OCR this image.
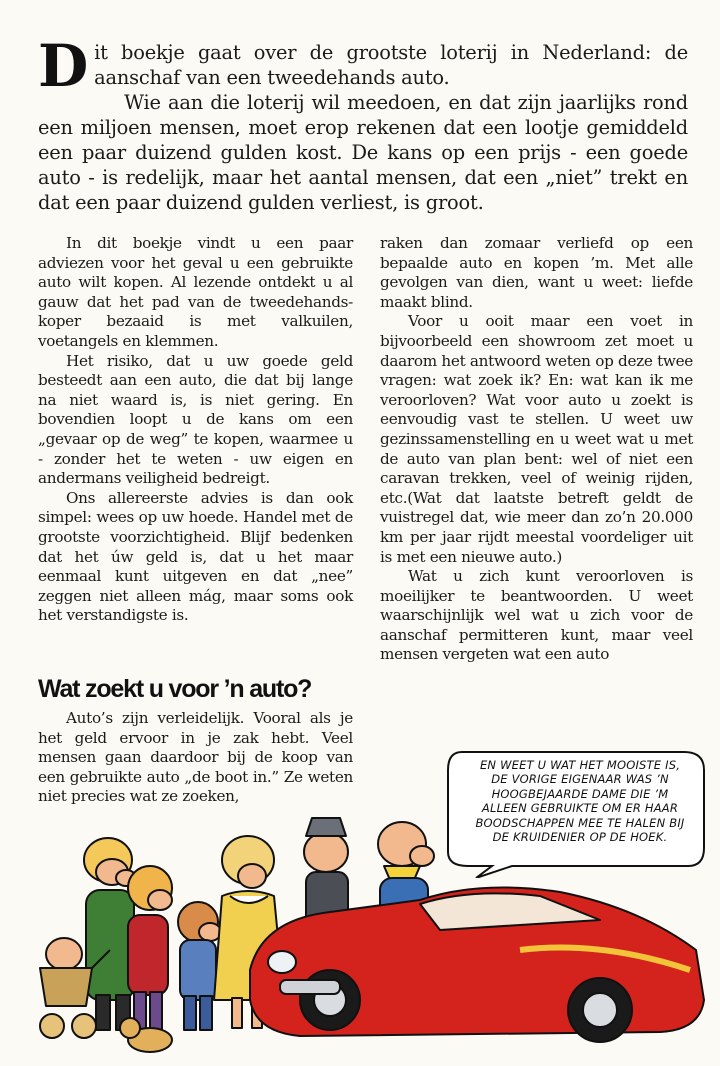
Dit boekje gaat over de grootste loterij in Nederland: de aanschaf van een tweedehands auto.

Wie aan die loterij wil meedoen, en dat zijn jaarlijks rond een miljoen mensen, moet erop rekenen dat een lootje gemiddeld een paar duizend gulden kost. De kans op een prijs - een goede auto - is redelijk, maar het aantal mensen, dat een „niet” trekt en dat een paar duizend gulden verliest, is groot.

In dit boekje vindt u een paar adviezen voor het geval u een gebruikte auto wilt kopen. Al lezende ontdekt u al gauw dat het pad van de tweedehands-koper bezaaid is met valkuilen, voetangels en klemmen.

Het risiko, dat u uw goede geld besteedt aan een auto, die dat bij lange na niet waard is, is niet gering. En bovendien loopt u de kans om een „gevaar op de weg” te kopen, waarmee u - zonder het te weten - uw eigen en andermans veiligheid bedreigt.

Ons allereerste advies is dan ook simpel: wees op uw hoede. Handel met de grootste voorzichtigheid. Blijf bedenken dat het úw geld is, dat u het maar eenmaal kunt uitgeven en dat „nee” zeggen niet alleen mág, maar soms ook het verstandigste is.

Wat zoekt u voor ’n auto?

Auto’s zijn verleidelijk. Vooral als je het geld ervoor in je zak hebt. Veel mensen gaan daardoor bij de koop van een gebruikte auto „de boot in.” Ze weten niet precies wat ze zoeken,

raken dan zomaar verliefd op een bepaalde auto en kopen ’m. Met alle gevolgen van dien, want u weet: liefde maakt blind.

Voor u ooit maar een voet in bijvoorbeeld een showroom zet moet u daarom het antwoord weten op deze twee vragen: wat zoek ik? En: wat kan ik me veroorloven? Wat voor auto u zoekt is eenvoudig vast te stellen. U weet uw gezinssamenstelling en u weet wat u met de auto van plan bent: wel of niet een caravan trekken, veel of weinig rijden, etc.(Wat dat laatste betreft geldt de vuistregel dat, wie meer dan zo’n 20.000 km per jaar rijdt meestal voordeliger uit is met een nieuwe auto.)

Wat u zich kunt veroorloven is moeilijker te beantwoorden. U weet waarschijnlijk wel wat u zich voor de aanschaf permitteren kunt, maar veel mensen vergeten wat een auto

EN WEET U WAT HET MOOISTE IS, DE VORIGE EIGENAAR WAS ’N HOOGBEJAARDE DAME DIE ’M ALLEEN GEBRUIKTE OM ER HAAR BOODSCHAPPEN MEE TE HALEN BIJ DE KRUIDENIER OP DE HOEK.
